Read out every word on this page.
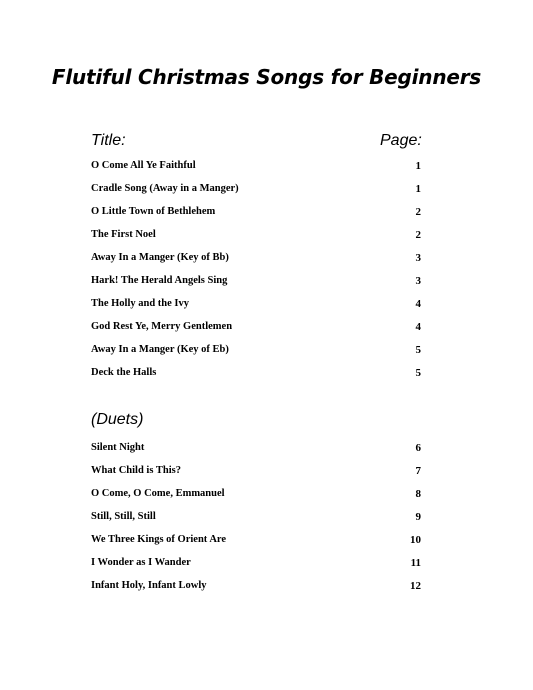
Flutiful Christmas Songs for Beginners
Title:	Page:
O Come All Ye Faithful	1
Cradle Song (Away in a Manger)	1
O Little Town of Bethlehem	2
The First Noel	2
Away In a Manger (Key of Bb)	3
Hark! The Herald Angels Sing	3
The Holly and the Ivy	4
God Rest Ye, Merry Gentlemen	4
Away In a Manger (Key of Eb)	5
Deck the Halls	5
(Duets)
Silent Night	6
What Child is This?	7
O Come, O Come, Emmanuel	8
Still, Still, Still	9
We Three Kings of Orient Are	10
I Wonder as I Wander	11
Infant Holy, Infant Lowly	12
